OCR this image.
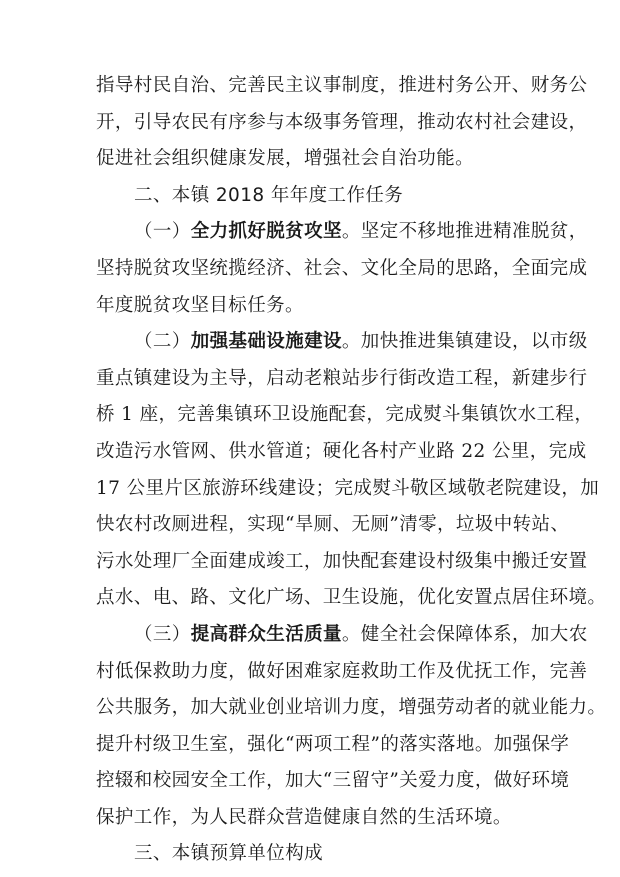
指导村民自治、完善民主议事制度，推进村务公开、财务公
开，引导农民有序参与本级事务管理，推动农村社会建设，
促进社会组织健康发展，增强社会自治功能。
二、本镇 2018 年年度工作任务
（一）全力抓好脱贫攻坚。坚定不移地推进精准脱贫，
坚持脱贫攻坚统揽经济、社会、文化全局的思路，全面完成
年度脱贫攻坚目标任务。
（二）加强基础设施建设。加快推进集镇建设，以市级
重点镇建设为主导，启动老粮站步行街改造工程，新建步行
桥 1 座，完善集镇环卫设施配套，完成熨斗集镇饮水工程，
改造污水管网、供水管道；硬化各村产业路 22 公里，完成
17 公里片区旅游环线建设；完成熨斗敬区域敬老院建设，加
快农村改厕进程，实现“旱厕、无厕”清零，垃圾中转站、
污水处理厂全面建成竣工，加快配套建设村级集中搬迁安置
点水、电、路、文化广场、卫生设施，优化安置点居住环境。
（三）提高群众生活质量。健全社会保障体系，加大农
村低保救助力度，做好困难家庭救助工作及优抚工作，完善
公共服务，加大就业创业培训力度，增强劳动者的就业能力。
提升村级卫生室，强化“两项工程”的落实落地。加强保学
控辍和校园安全工作，加大“三留守”关爱力度，做好环境
保护工作，为人民群众营造健康自然的生活环境。
三、本镇预算单位构成
